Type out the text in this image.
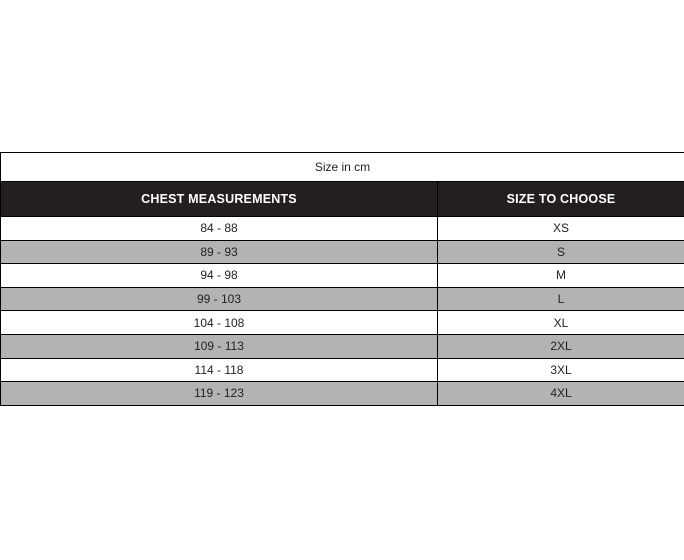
Size in cm	
CHEST MEASUREMENTS	SIZE TO CHOOSE
84 - 88	XS
89 - 93	S
94 - 98	M
99 - 103	L
104 - 108	XL
109 - 113	2XL
114 - 118	3XL
119 - 123	4XL
